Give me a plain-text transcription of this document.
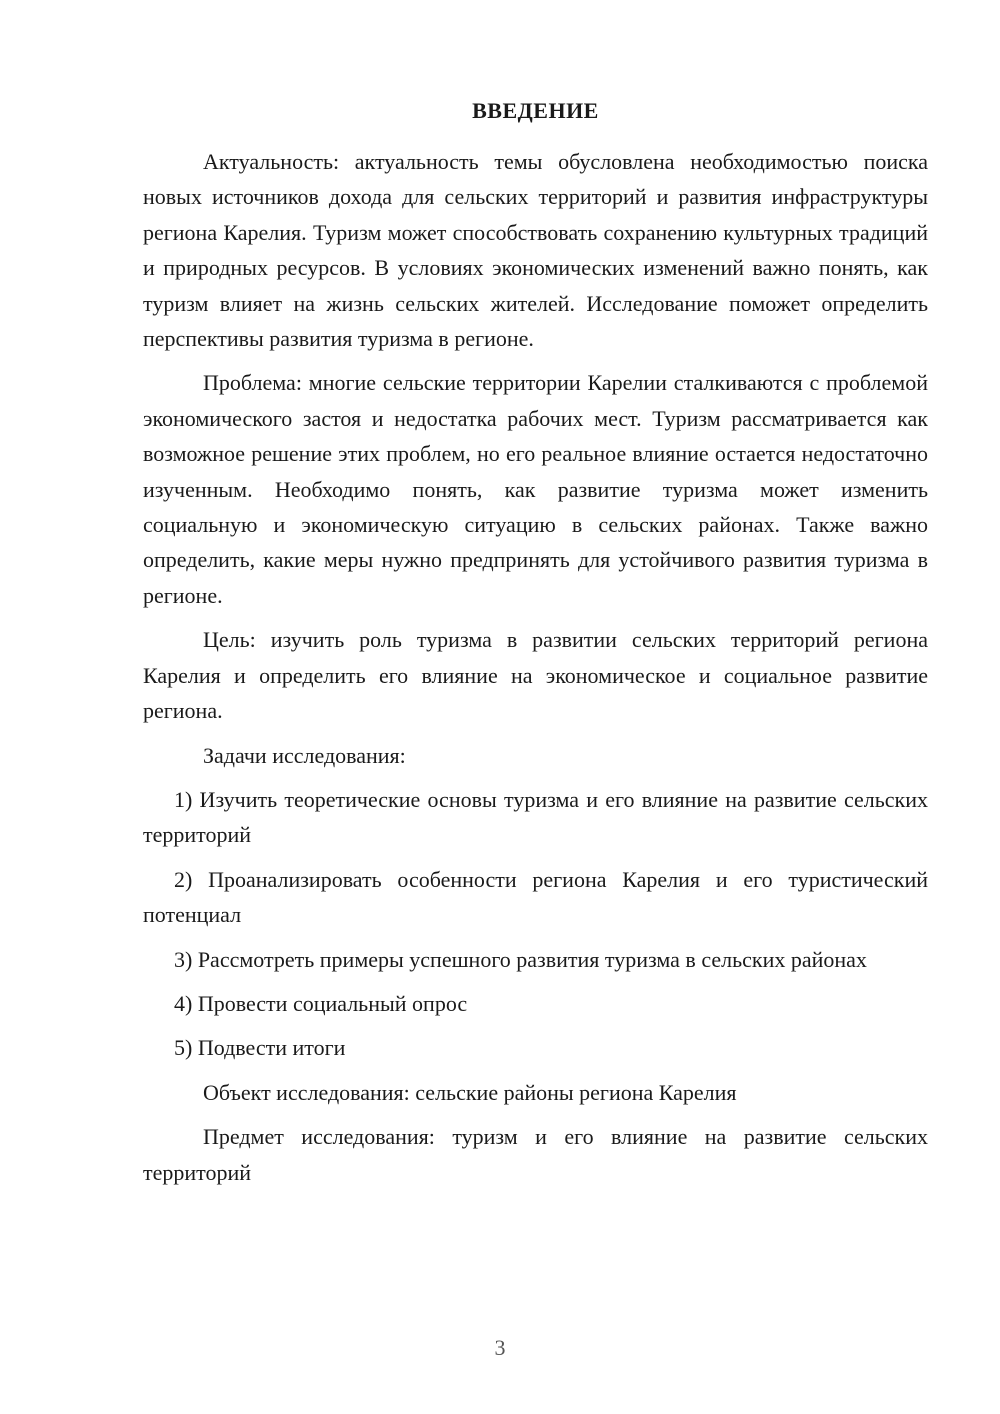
ВВЕДЕНИЕ

Актуальность: актуальность темы обусловлена необходимостью поиска новых источников дохода для сельских территорий и развития инфраструктуры региона Карелия. Туризм может способствовать сохранению культурных традиций и природных ресурсов. В условиях экономических изменений важно понять, как туризм влияет на жизнь сельских жителей. Исследование поможет определить перспективы развития туризма в регионе.

Проблема: многие сельские территории Карелии сталкиваются с проблемой экономического застоя и недостатка рабочих мест. Туризм рассматривается как возможное решение этих проблем, но его реальное влияние остается недостаточно изученным. Необходимо понять, как развитие туризма может изменить социальную и экономическую ситуацию в сельских районах. Также важно определить, какие меры нужно предпринять для устойчивого развития туризма в регионе.

Цель: изучить роль туризма в развитии сельских территорий региона Карелия и определить его влияние на экономическое и социальное развитие региона.

Задачи исследования:

1) Изучить теоретические основы туризма и его влияние на развитие сельских территорий

2) Проанализировать особенности региона Карелия и его туристический потенциал

3) Рассмотреть примеры успешного развития туризма в сельских районах

4) Провести социальный опрос

5) Подвести итоги

Объект исследования: сельские районы региона Карелия

Предмет исследования: туризм и его влияние на развитие сельских территорий

3
